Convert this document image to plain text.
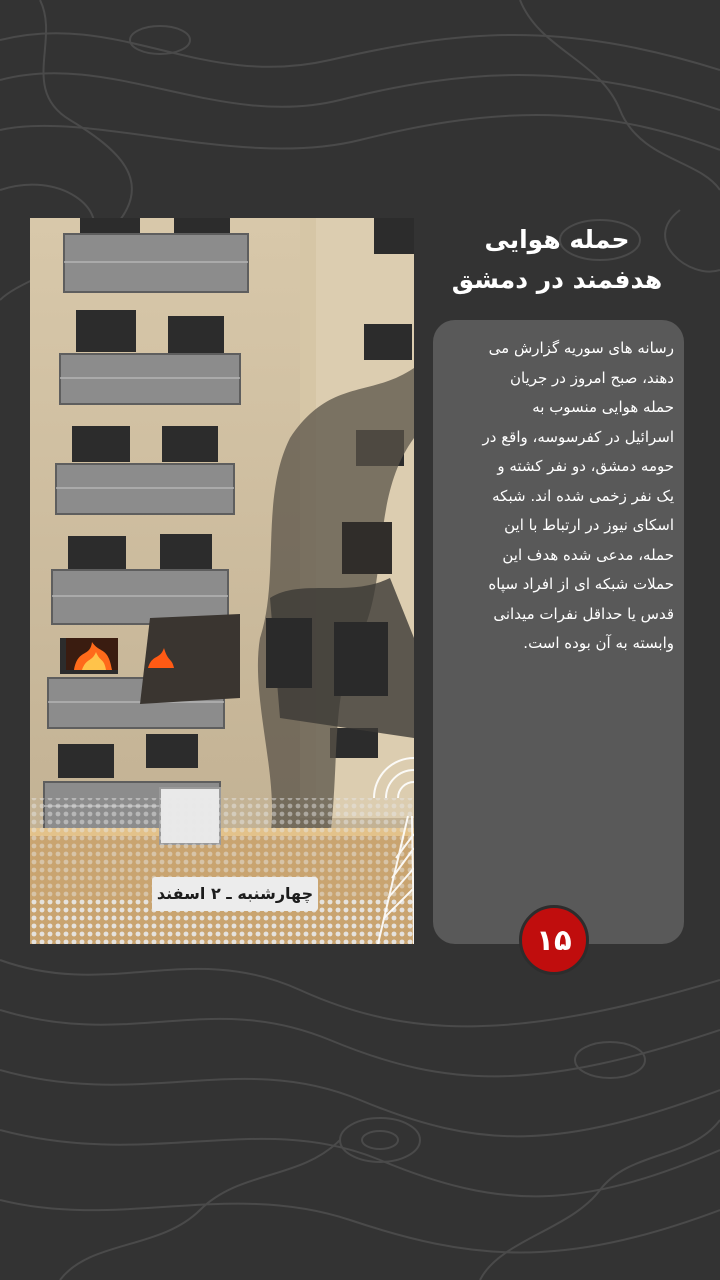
چهارشنبه ـ ۲ اسفند
حمله هوایی
هدفمند در دمشق
رسانه های سوریه گزارش می
دهند، صبح امروز در جریان
حمله هوایی منسوب به
اسرائیل در کفرسوسه، واقع در
حومه دمشق، دو نفر کشته و
یک نفر زخمی شده اند. شبکه
اسکای نیوز در ارتباط با این
حمله، مدعی شده هدف این
حملات شبکه ای از افراد سپاه
قدس یا حداقل نفرات میدانی
وابسته به آن بوده است.
۱۵
